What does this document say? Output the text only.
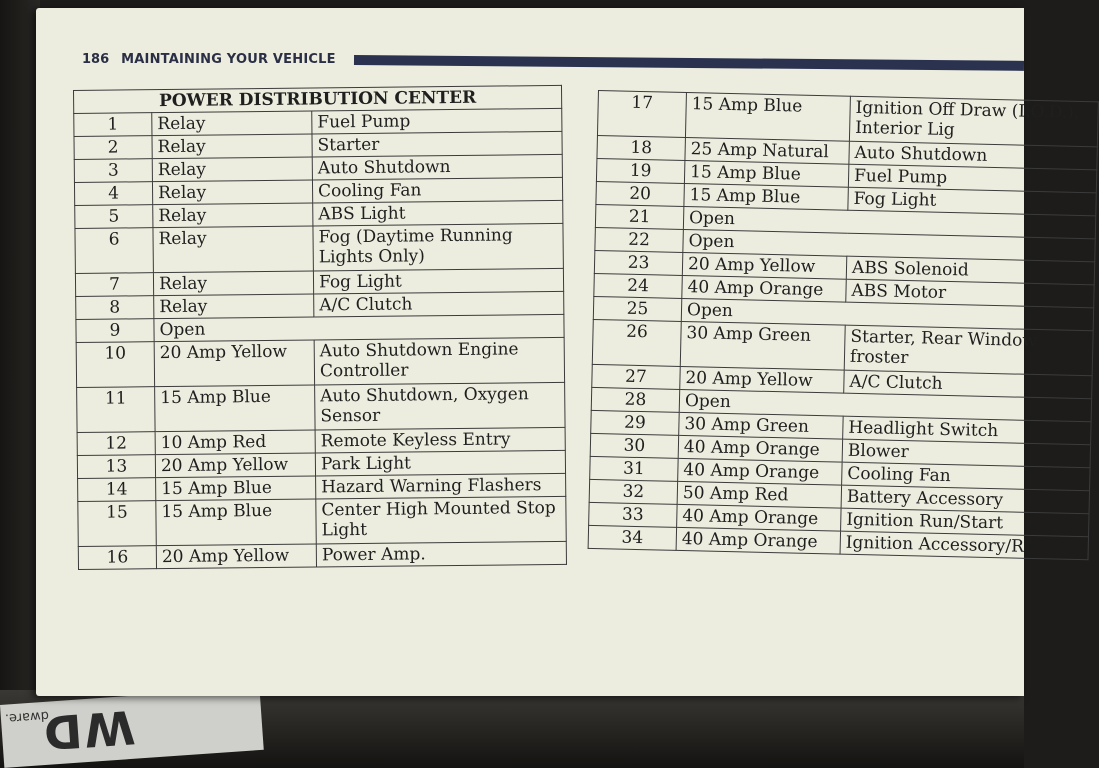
dware.
WD
186 MAINTAINING YOUR VEHICLE
POWER DISTRIBUTION CENTER		
1	Relay	Fuel Pump
2	Relay	Starter
3	Relay	Auto Shutdown
4	Relay	Cooling Fan
5	Relay	ABS Light
6	Relay	Fog (Daytime Running Lights Only)
7	Relay	Fog Light
8	Relay	A/C Clutch
9	Open	
10	20 Amp Yellow	Auto Shutdown Engine Controller
11	15 Amp Blue	Auto Shutdown, Oxygen Sensor
12	10 Amp Red	Remote Keyless Entry
13	20 Amp Yellow	Park Light
14	15 Amp Blue	Hazard Warning Flashers
15	15 Amp Blue	Center High Mounted Stop Light
16	20 Amp Yellow	Power Amp.
17	15 Amp Blue	Ignition Off Draw (I.O.D.), Interior Lig
18	25 Amp Natural	Auto Shutdown
19	15 Amp Blue	Fuel Pump
20	15 Amp Blue	Fog Light
21	Open	
22	Open	
23	20 Amp Yellow	ABS Solenoid
24	40 Amp Orange	ABS Motor
25	Open	
26	30 Amp Green	Starter, Rear Window froster
27	20 Amp Yellow	A/C Clutch
28	Open	
29	30 Amp Green	Headlight Switch
30	40 Amp Orange	Blower
31	40 Amp Orange	Cooling Fan
32	50 Amp Red	Battery Accessory
33	40 Amp Orange	Ignition Run/Start
34	40 Amp Orange	Ignition Accessory/R
